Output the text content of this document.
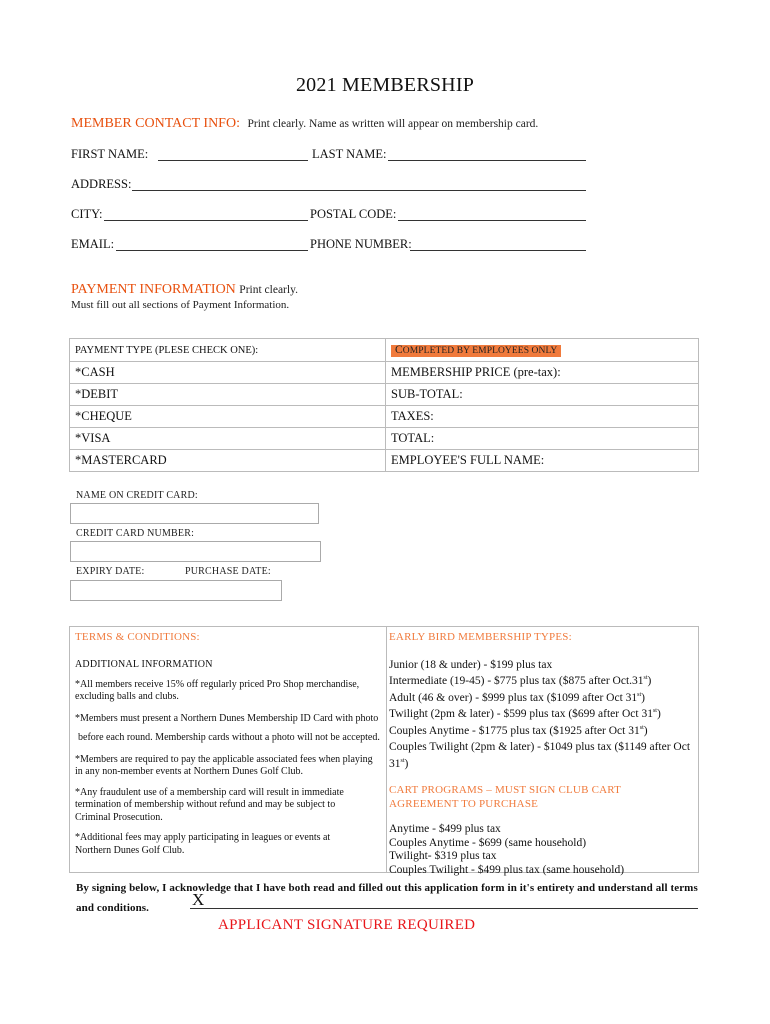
2021 MEMBERSHIP
MEMBER CONTACT INFO: Print clearly. Name as written will appear on membership card.
FIRST NAME:	LAST NAME:
ADDRESS:
CITY:	POSTAL CODE:
EMAIL:	PHONE NUMBER:
PAYMENT INFORMATION Print clearly.
Must fill out all sections of Payment Information.
PAYMENT TYPE (PLESE CHECK ONE):	COMPLETED BY EMPLOYEES ONLY
*CASH	MEMBERSHIP PRICE (pre-tax):
*DEBIT	SUB-TOTAL:
*CHEQUE	TAXES:
*VISA	TOTAL:
*MASTERCARD	EMPLOYEE'S FULL NAME:
NAME ON CREDIT CARD:
CREDIT CARD NUMBER:
EXPIRY DATE:	PURCHASE DATE:
TERMS & CONDITIONS:
ADDITIONAL INFORMATION
*All members receive 15% off regularly priced Pro Shop merchandise, excluding balls and clubs.
*Members must present a Northern Dunes Membership ID Card with photo
before each round. Membership cards without a photo will not be accepted.
*Members are required to pay the applicable associated fees when playing in any non-member events at Northern Dunes Golf Club.
*Any fraudulent use of a membership card will result in immediate termination of membership without refund and may be subject to Criminal Prosecution.
*Additional fees may apply participating in leagues or events at Northern Dunes Golf Club.
EARLY BIRD MEMBERSHIP TYPES:
Junior (18 & under) - $199 plus tax
Intermediate (19-45) - $775 plus tax ($875 after Oct.31st)
Adult (46 & over) - $999 plus tax ($1099 after Oct 31st)
Twilight (2pm & later) - $599 plus tax ($699 after Oct 31st)
Couples Anytime - $1775 plus tax ($1925 after Oct 31st)
Couples Twilight (2pm & later) - $1049 plus tax ($1149 after Oct
31st)
CART PROGRAMS – MUST SIGN CLUB CART AGREEMENT TO PURCHASE
Anytime - $499 plus tax
Couples Anytime - $699 (same household)
Twilight- $319 plus tax
Couples Twilight - $499 plus tax (same household)
By signing below, I acknowledge that I have both read and filled out this application form in it's entirety and understand all terms and conditions.	X
APPLICANT SIGNATURE REQUIRED
